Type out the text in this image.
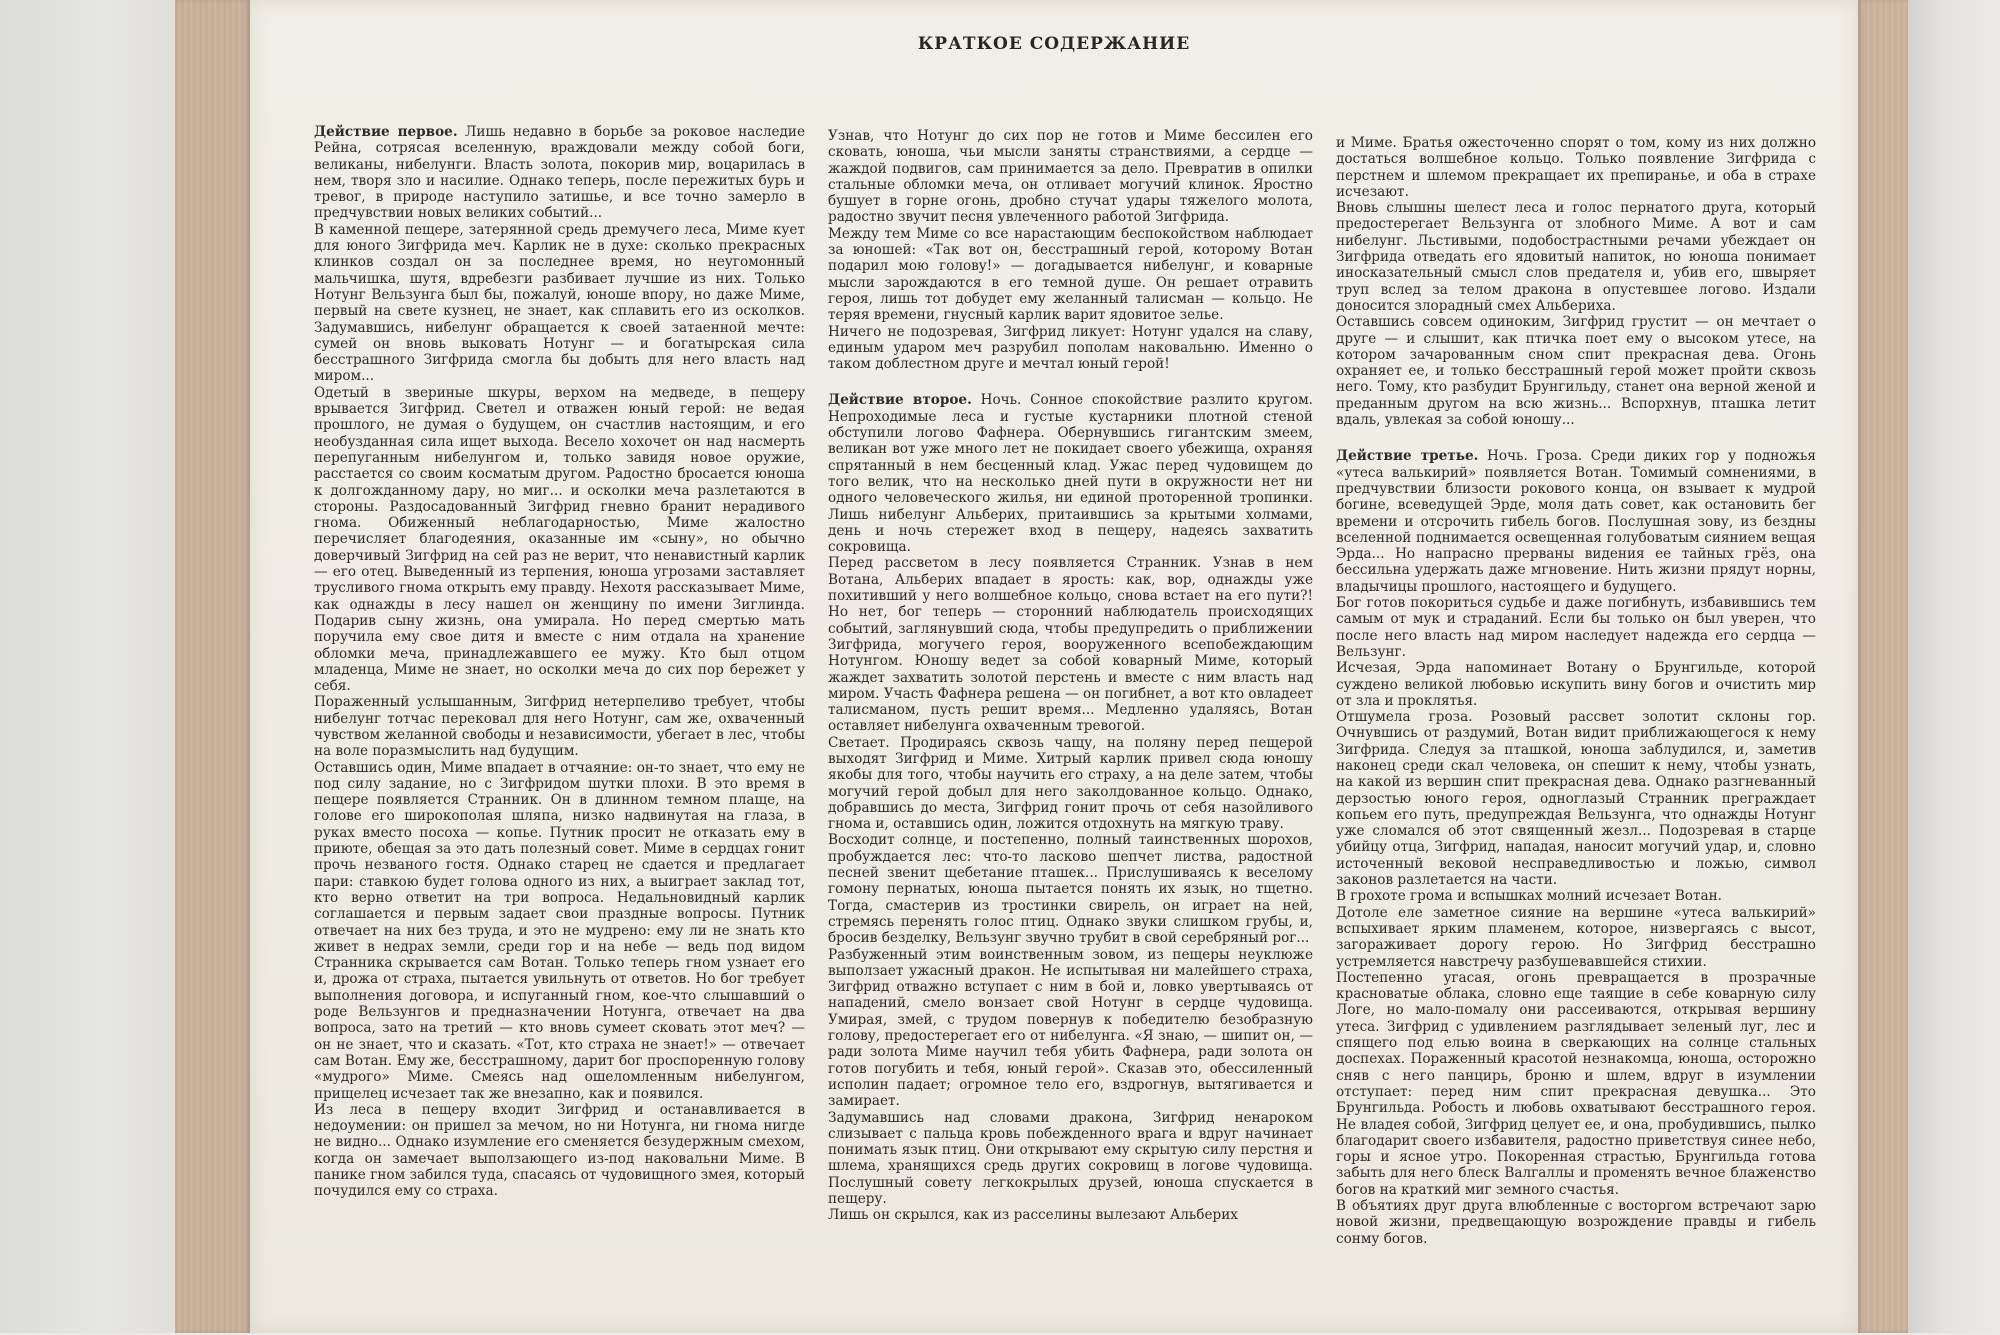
КРАТКОЕ СОДЕРЖАНИЕ

Действие первое. Лишь недавно в борьбе за роковое наследие Рейна, сотрясая вселенную, враждовали между собой боги, великаны, нибелунги. Власть золота, покорив мир, воцарилась в нем, творя зло и насилие. Однако теперь, после пережитых бурь и тревог, в природе наступило затишье, и все точно замерло в предчувствии новых великих событий...

В каменной пещере, затерянной средь дремучего леса, Миме кует для юного Зигфрида меч. Карлик не в духе: сколько прекрасных клинков создал он за последнее время, но неугомонный мальчишка, шутя, вдребезги разбивает лучшие из них. Только Нотунг Вельзунга был бы, пожалуй, юноше впору, но даже Миме, первый на свете кузнец, не знает, как сплавить его из осколков. Задумавшись, нибелунг обращается к своей затаенной мечте: сумей он вновь выковать Нотунг — и богатырская сила бесстрашного Зигфрида смогла бы добыть для него власть над миром...

Одетый в звериные шкуры, верхом на медведе, в пещеру врывается Зигфрид. Светел и отважен юный герой: не ведая прошлого, не думая о будущем, он счастлив настоящим, и его необузданная сила ищет выхода. Весело хохочет он над насмерть перепуганным нибелунгом и, только завидя новое оружие, расстается со своим косматым другом. Радостно бросается юноша к долгожданному дару, но миг... и осколки меча разлетаются в стороны. Раздосадованный Зигфрид гневно бранит нерадивого гнома. Обиженный неблагодарностью, Миме жалостно перечисляет благодеяния, оказанные им «сыну», но обычно доверчивый Зигфрид на сей раз не верит, что ненавистный карлик — его отец. Выведенный из терпения, юноша угрозами заставляет трусливого гнома открыть ему правду. Нехотя рассказывает Миме, как однажды в лесу нашел он женщину по имени Зиглинда. Подарив сыну жизнь, она умирала. Но перед смертью мать поручила ему свое дитя и вместе с ним отдала на хранение обломки меча, принадлежавшего ее мужу. Кто был отцом младенца, Миме не знает, но осколки меча до сих пор бережет у себя.

Пораженный услышанным, Зигфрид нетерпеливо требует, чтобы нибелунг тотчас перековал для него Нотунг, сам же, охваченный чувством желанной свободы и независимости, убегает в лес, чтобы на воле поразмыслить над будущим.

Оставшись один, Миме впадает в отчаяние: он-то знает, что ему не под силу задание, но с Зигфридом шутки плохи. В это время в пещере появляется Странник. Он в длинном темном плаще, на голове его широкополая шляпа, низко надвинутая на глаза, в руках вместо посоха — копье. Путник просит не отказать ему в приюте, обещая за это дать полезный совет. Миме в сердцах гонит прочь незваного гостя. Однако старец не сдается и предлагает пари: ставкою будет голова одного из них, а выиграет заклад тот, кто верно ответит на три вопроса. Недальновидный карлик соглашается и первым задает свои праздные вопросы. Путник отвечает на них без труда, и это не мудрено: ему ли не знать кто живет в недрах земли, среди гор и на небе — ведь под видом Странника скрывается сам Вотан. Только теперь гном узнает его и, дрожа от страха, пытается увильнуть от ответов. Но бог требует выполнения договора, и испуганный гном, кое-что слышавший о роде Вельзунгов и предназначении Нотунга, отвечает на два вопроса, зато на третий — кто вновь сумеет сковать этот меч? — он не знает, что и сказать. «Тот, кто страха не знает!» — отвечает сам Вотан. Ему же, бесстрашному, дарит бог проспоренную голову «мудрого» Миме. Смеясь над ошеломленным нибелунгом, прищелец исчезает так же внезапно, как и появился.

Из леса в пещеру входит Зигфрид и останавливается в недоумении: он пришел за мечом, но ни Нотунга, ни гнома нигде не видно... Однако изумление его сменяется безудержным смехом, когда он замечает выползающего из-под наковальни Миме. В панике гном забился туда, спасаясь от чудовищного змея, который почудился ему со страха.

Узнав, что Нотунг до сих пор не готов и Миме бессилен его сковать, юноша, чьи мысли заняты странствиями, а сердце — жаждой подвигов, сам принимается за дело. Превратив в опилки стальные обломки меча, он отливает могучий клинок. Яростно бушует в горне огонь, дробно стучат удары тяжелого молота, радостно звучит песня увлеченного работой Зигфрида.

Между тем Миме со все нарастающим беспокойством наблюдает за юношей: «Так вот он, бесстрашный герой, которому Вотан подарил мою голову!» — догадывается нибелунг, и коварные мысли зарождаются в его темной душе. Он решает отравить героя, лишь тот добудет ему желанный талисман — кольцо. Не теряя времени, гнусный карлик варит ядовитое зелье.

Ничего не подозревая, Зигфрид ликует: Нотунг удался на славу, единым ударом меч разрубил пополам наковальню. Именно о таком доблестном друге и мечтал юный герой!

Действие второе. Ночь. Сонное спокойствие разлито кругом. Непроходимые леса и густые кустарники плотной стеной обступили логово Фафнера. Обернувшись гигантским змеем, великан вот уже много лет не покидает своего убежища, охраняя спрятанный в нем бесценный клад. Ужас перед чудовищем до того велик, что на несколько дней пути в окружности нет ни одного человеческого жилья, ни единой проторенной тропинки. Лишь нибелунг Альберих, притаившись за крытыми холмами, день и ночь стережет вход в пещеру, надеясь захватить сокровища.

Перед рассветом в лесу появляется Странник. Узнав в нем Вотана, Альберих впадает в ярость: как, вор, однажды уже похитивший у него волшебное кольцо, снова встает на его пути?! Но нет, бог теперь — сторонний наблюдатель происходящих событий, заглянувший сюда, чтобы предупредить о приближении Зигфрида, могучего героя, вооруженного всепобеждающим Нотунгом. Юношу ведет за собой коварный Миме, который жаждет захватить золотой перстень и вместе с ним власть над миром. Участь Фафнера решена — он погибнет, а вот кто овладеет талисманом, пусть решит время... Медленно удаляясь, Вотан оставляет нибелунга охваченным тревогой.

Светает. Продираясь сквозь чащу, на поляну перед пещерой выходят Зигфрид и Миме. Хитрый карлик привел сюда юношу якобы для того, чтобы научить его страху, а на деле затем, чтобы могучий герой добыл для него заколдованное кольцо. Однако, добравшись до места, Зигфрид гонит прочь от себя назойливого гнома и, оставшись один, ложится отдохнуть на мягкую траву.

Восходит солнце, и постепенно, полный таинственных шорохов, пробуждается лес: что-то ласково шепчет листва, радостной песней звенит щебетание пташек... Прислушиваясь к веселому гомону пернатых, юноша пытается понять их язык, но тщетно. Тогда, смастерив из тростинки свирель, он играет на ней, стремясь перенять голос птиц. Однако звуки слишком грубы, и, бросив безделку, Вельзунг звучно трубит в свой серебряный рог...

Разбуженный этим воинственным зовом, из пещеры неуклюже выползает ужасный дракон. Не испытывая ни малейшего страха, Зигфрид отважно вступает с ним в бой и, ловко увертываясь от нападений, смело вонзает свой Нотунг в сердце чудовища. Умирая, змей, с трудом повернув к победителю безобразную голову, предостерегает его от нибелунга. «Я знаю, — шипит он, — ради золота Миме научил тебя убить Фафнера, ради золота он готов погубить и тебя, юный герой». Сказав это, обессиленный исполин падает; огромное тело его, вздрогнув, вытягивается и замирает.

Задумавшись над словами дракона, Зигфрид ненароком слизывает с пальца кровь побежденного врага и вдруг начинает понимать язык птиц. Они открывают ему скрытую силу перстня и шлема, хранящихся средь других сокровищ в логове чудовища. Послушный совету легкокрылых друзей, юноша спускается в пещеру.

Лишь он скрылся, как из расселины вылезают Альберих

и Миме. Братья ожесточенно спорят о том, кому из них должно достаться волшебное кольцо. Только появление Зигфрида с перстнем и шлемом прекращает их препиранье, и оба в страхе исчезают.

Вновь слышны шелест леса и голос пернатого друга, который предостерегает Вельзунга от злобного Миме. А вот и сам нибелунг. Льстивыми, подобострастными речами убеждает он Зигфрида отведать его ядовитый напиток, но юноша понимает иносказательный смысл слов предателя и, убив его, швыряет труп вслед за телом дракона в опустевшее логово. Издали доносится злорадный смех Альбериха.

Оставшись совсем одиноким, Зигфрид грустит — он мечтает о друге — и слышит, как птичка поет ему о высоком утесе, на котором зачарованным сном спит прекрасная дева. Огонь охраняет ее, и только бесстрашный герой может пройти сквозь него. Тому, кто разбудит Брунгильду, станет она верной женой и преданным другом на всю жизнь... Вспорхнув, пташка летит вдаль, увлекая за собой юношу...

Действие третье. Ночь. Гроза. Среди диких гор у подножья «утеса валькирий» появляется Вотан. Томимый сомнениями, в предчувствии близости рокового конца, он взывает к мудрой богине, всеведущей Эрде, моля дать совет, как остановить бег времени и отсрочить гибель богов. Послушная зову, из бездны вселенной поднимается освещенная голубоватым сиянием вещая Эрда... Но напрасно прерваны видения ее тайных грёз, она бессильна удержать даже мгновение. Нить жизни прядут норны, владычицы прошлого, настоящего и будущего.

Бог готов покориться судьбе и даже погибнуть, избавившись тем самым от мук и страданий. Если бы только он был уверен, что после него власть над миром наследует надежда его сердца — Вельзунг.

Исчезая, Эрда напоминает Вотану о Брунгильде, которой суждено великой любовью искупить вину богов и очистить мир от зла и проклятья.

Отшумела гроза. Розовый рассвет золотит склоны гор. Очнувшись от раздумий, Вотан видит приближающегося к нему Зигфрида. Следуя за пташкой, юноша заблудился, и, заметив наконец среди скал человека, он спешит к нему, чтобы узнать, на какой из вершин спит прекрасная дева. Однако разгневанный дерзостью юного героя, одноглазый Странник преграждает копьем его путь, предупреждая Вельзунга, что однажды Нотунг уже сломался об этот священный жезл... Подозревая в старце убийцу отца, Зигфрид, нападая, наносит могучий удар, и, словно источенный вековой несправедливостью и ложью, символ законов разлетается на части.

В грохоте грома и вспышках молний исчезает Вотан.

Дотоле еле заметное сияние на вершине «утеса валькирий» вспыхивает ярким пламенем, которое, низвергаясь с высот, загораживает дорогу герою. Но Зигфрид бесстрашно устремляется навстречу разбушевавшейся стихии.

Постепенно угасая, огонь превращается в прозрачные красноватые облака, словно еще таящие в себе коварную силу Логе, но мало-помалу они рассеиваются, открывая вершину утеса. Зигфрид с удивлением разглядывает зеленый луг, лес и спящего под елью воина в сверкающих на солнце стальных доспехах. Пораженный красотой незнакомца, юноша, осторожно сняв с него панцирь, броню и шлем, вдруг в изумлении отступает: перед ним спит прекрасная девушка... Это Брунгильда. Робость и любовь охватывают бесстрашного героя. Не владея собой, Зигфрид целует ее, и она, пробудившись, пылко благодарит своего избавителя, радостно приветствуя синее небо, горы и ясное утро. Покоренная страстью, Брунгильда готова забыть для него блеск Валгаллы и променять вечное блаженство богов на краткий миг земного счастья.

В объятиях друг друга влюбленные с восторгом встречают зарю новой жизни, предвещающую возрождение правды и гибель сонму богов.
